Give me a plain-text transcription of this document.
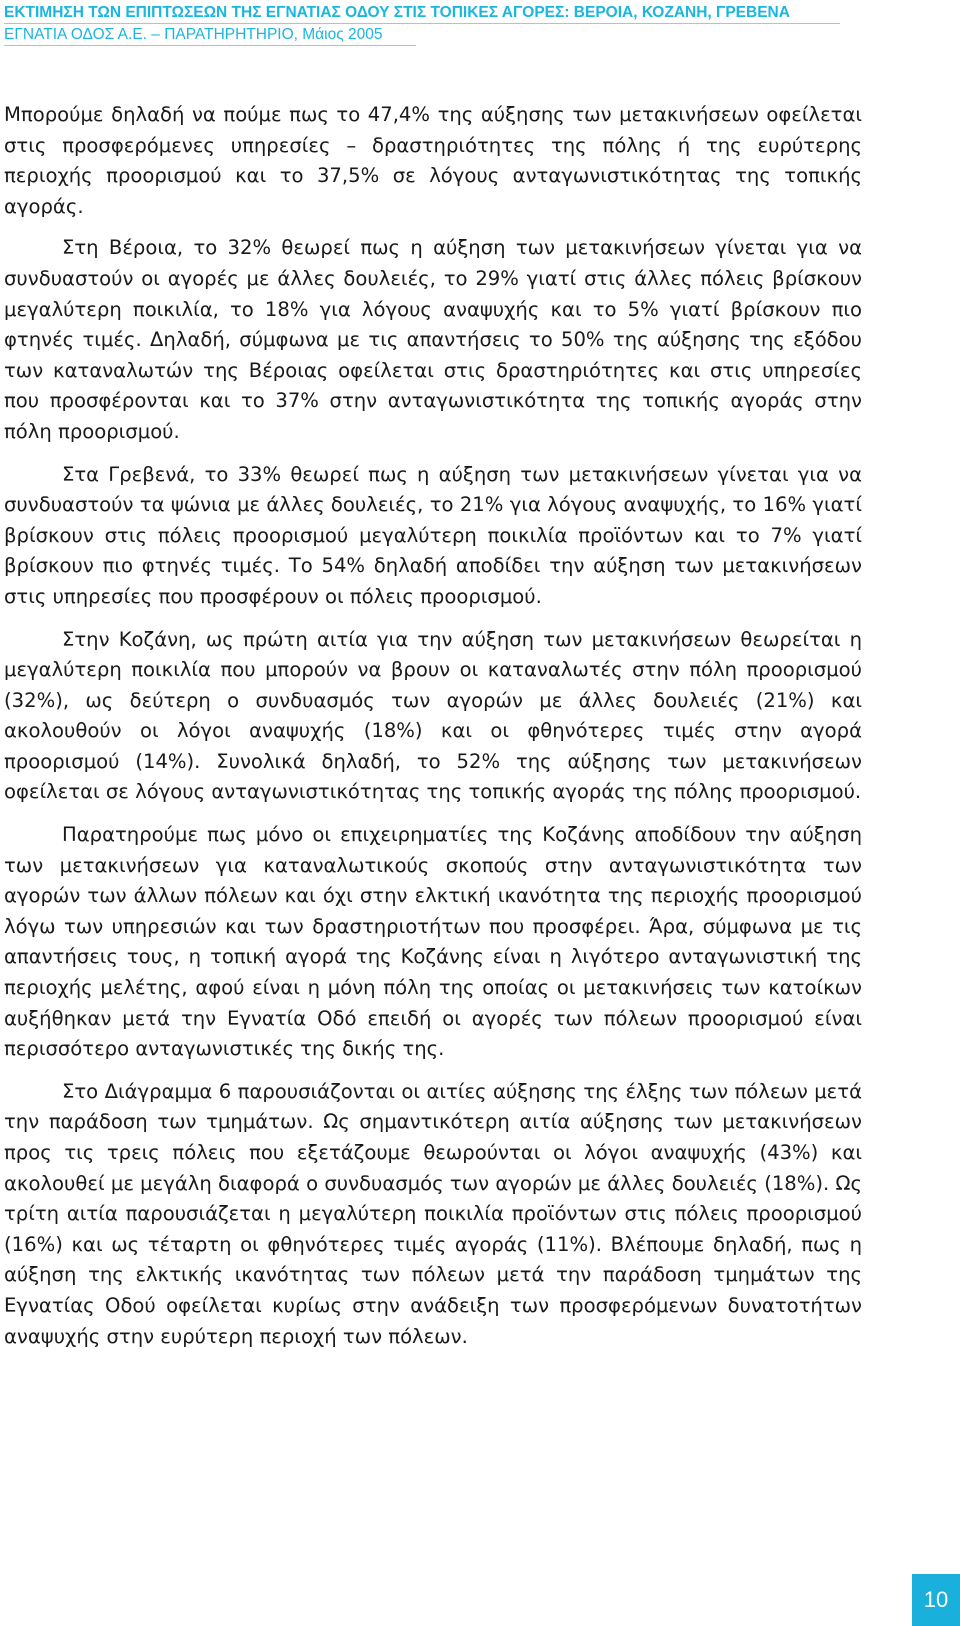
ΕΚΤΙΜΗΣΗ ΤΩΝ ΕΠΙΠΤΩΣΕΩΝ ΤΗΣ ΕΓΝΑΤΙΑΣ ΟΔΟΥ ΣΤΙΣ ΤΟΠΙΚΕΣ ΑΓΟΡΕΣ: ΒΕΡΟΙΑ, ΚΟΖΑΝΗ, ΓΡΕΒΕΝΑ
ΕΓΝΑΤΙΑ ΟΔΟΣ Α.Ε. – ΠΑΡΑΤΗΡΗΤΗΡΙΟ, Μάιος 2005

Μπορούμε δηλαδή να πούμε πως το 47,4% της αύξησης των μετακινήσεων οφείλεται στις προσφερόμενες υπηρεσίες – δραστηριότητες της πόλης ή της ευρύτερης περιοχής προορισμού και το 37,5% σε λόγους ανταγωνιστικότητας της τοπικής αγοράς.

Στη Βέροια, το 32% θεωρεί πως η αύξηση των μετακινήσεων γίνεται για να συνδυαστούν οι αγορές με άλλες δουλειές, το 29% γιατί στις άλλες πόλεις βρίσκουν μεγαλύτερη ποικιλία, το 18% για λόγους αναψυχής και το 5% γιατί βρίσκουν πιο φτηνές τιμές. Δηλαδή, σύμφωνα με τις απαντήσεις το 50% της αύξησης της εξόδου των καταναλωτών της Βέροιας οφείλεται στις δραστηριότητες και στις υπηρεσίες που προσφέρονται και το 37% στην ανταγωνιστικότητα της τοπικής αγοράς στην πόλη προορισμού.

Στα Γρεβενά, το 33% θεωρεί πως η αύξηση των μετακινήσεων γίνεται για να συνδυαστούν τα ψώνια με άλλες δουλειές, το 21% για λόγους αναψυχής, το 16% γιατί βρίσκουν στις πόλεις προορισμού μεγαλύτερη ποικιλία προϊόντων και το 7% γιατί βρίσκουν πιο φτηνές τιμές. Το 54% δηλαδή αποδίδει την αύξηση των μετακινήσεων στις υπηρεσίες που προσφέρουν οι πόλεις προορισμού.

Στην Κοζάνη, ως πρώτη αιτία για την αύξηση των μετακινήσεων θεωρείται η μεγαλύτερη ποικιλία που μπορούν να βρουν οι καταναλωτές στην πόλη προορισμού (32%), ως δεύτερη ο συνδυασμός των αγορών με άλλες δουλειές (21%) και ακολουθούν οι λόγοι αναψυχής (18%) και οι φθηνότερες τιμές στην αγορά προορισμού (14%). Συνολικά δηλαδή, το 52% της αύξησης των μετακινήσεων οφείλεται σε λόγους ανταγωνιστικότητας της τοπικής αγοράς της πόλης προορισμού.

Παρατηρούμε πως μόνο οι επιχειρηματίες της Κοζάνης αποδίδουν την αύξηση των μετακινήσεων για καταναλωτικούς σκοπούς στην ανταγωνιστικότητα των αγορών των άλλων πόλεων και όχι στην ελκτική ικανότητα της περιοχής προορισμού λόγω των υπηρεσιών και των δραστηριοτήτων που προσφέρει. Άρα, σύμφωνα με τις απαντήσεις τους, η τοπική αγορά της Κοζάνης είναι η λιγότερο ανταγωνιστική της περιοχής μελέτης, αφού είναι η μόνη πόλη της οποίας οι μετακινήσεις των κατοίκων αυξήθηκαν μετά την Εγνατία Οδό επειδή οι αγορές των πόλεων προορισμού είναι περισσότερο ανταγωνιστικές της δικής της.

Στο Διάγραμμα 6 παρουσιάζονται οι αιτίες αύξησης της έλξης των πόλεων μετά την παράδοση των τμημάτων. Ως σημαντικότερη αιτία αύξησης των μετακινήσεων προς τις τρεις πόλεις που εξετάζουμε θεωρούνται οι λόγοι αναψυχής (43%) και ακολουθεί με μεγάλη διαφορά ο συνδυασμός των αγορών με άλλες δουλειές (18%). Ως τρίτη αιτία παρουσιάζεται η μεγαλύτερη ποικιλία προϊόντων στις πόλεις προορισμού (16%) και ως τέταρτη οι φθηνότερες τιμές αγοράς (11%). Βλέπουμε δηλαδή, πως η αύξηση της ελκτικής ικανότητας των πόλεων μετά την παράδοση τμημάτων της Εγνατίας Οδού οφείλεται κυρίως στην ανάδειξη των προσφερόμενων δυνατοτήτων αναψυχής στην ευρύτερη περιοχή των πόλεων.

10
